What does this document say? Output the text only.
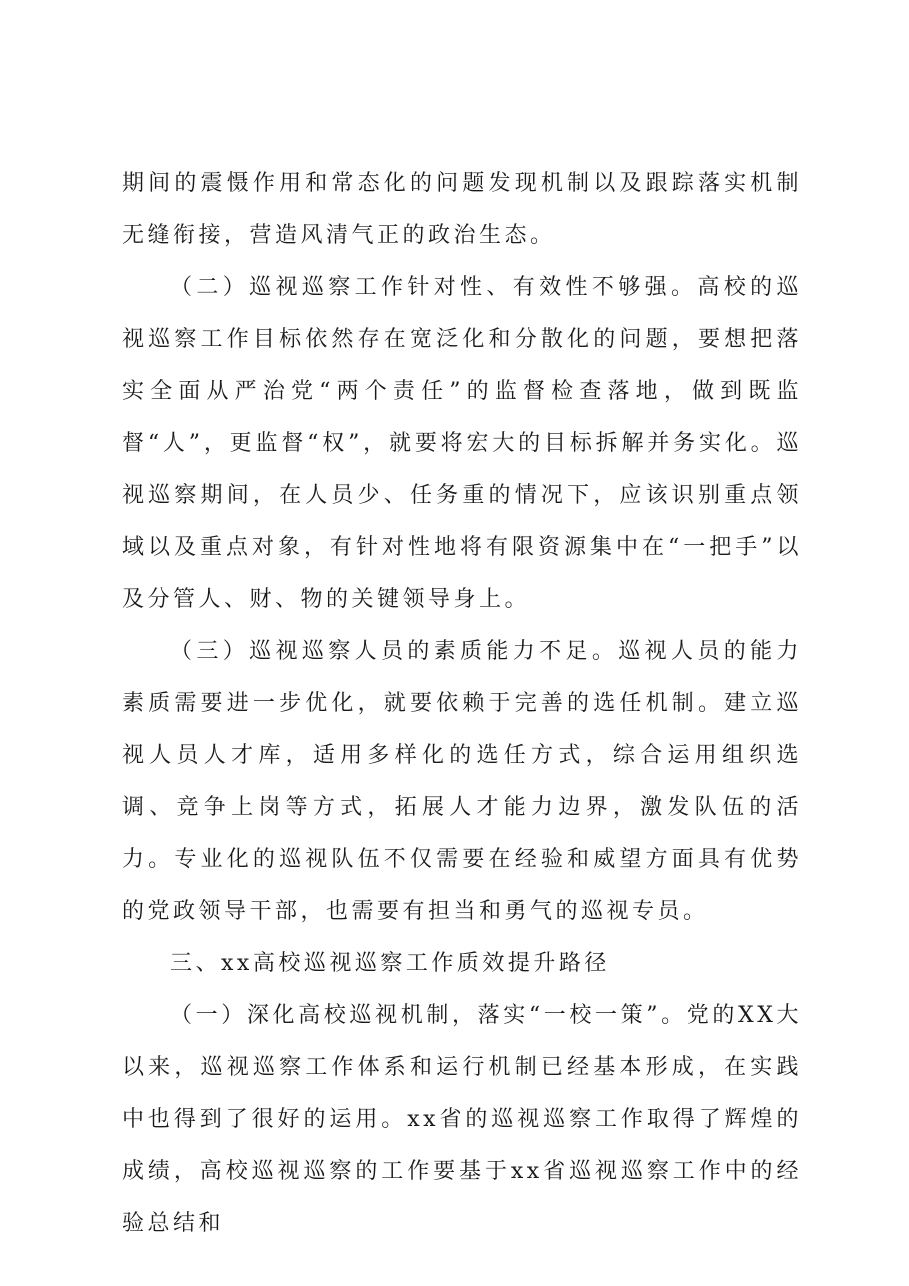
期间的震慑作用和常态化的问题发现机制以及跟踪落实机制无缝衔接，营造风清气正的政治生态。

（二）巡视巡察工作针对性、有效性不够强。高校的巡视巡察工作目标依然存在宽泛化和分散化的问题，要想把落实全面从严治党“两个责任”的监督检查落地，做到既监督“人”，更监督“权”，就要将宏大的目标拆解并务实化。巡视巡察期间，在人员少、任务重的情况下，应该识别重点领域以及重点对象，有针对性地将有限资源集中在“一把手”以及分管人、财、物的关键领导身上。

（三）巡视巡察人员的素质能力不足。巡视人员的能力素质需要进一步优化，就要依赖于完善的选任机制。建立巡视人员人才库，适用多样化的选任方式，综合运用组织选调、竞争上岗等方式，拓展人才能力边界，激发队伍的活力。专业化的巡视队伍不仅需要在经验和威望方面具有优势的党政领导干部，也需要有担当和勇气的巡视专员。

三、xx高校巡视巡察工作质效提升路径

（一）深化高校巡视机制，落实“一校一策”。党的XX大以来，巡视巡察工作体系和运行机制已经基本形成，在实践中也得到了很好的运用。xx省的巡视巡察工作取得了辉煌的成绩，高校巡视巡察的工作要基于xx省巡视巡察工作中的经验总结和
